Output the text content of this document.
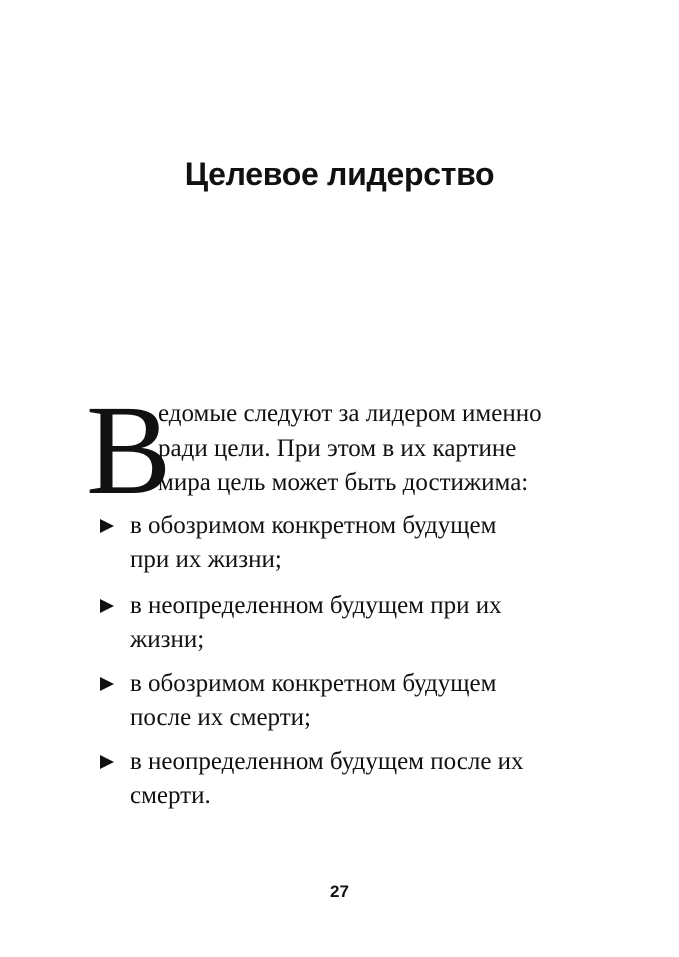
Целевое лидерство
В
едомые следуют за лидером именно
ради цели. При этом в их картине
мира цель может быть достижима:
в обозримом конкретном будущем
при их жизни;
в неопределенном будущем при их
жизни;
в обозримом конкретном будущем
после их смерти;
в неопределенном будущем после их
смерти.
27
